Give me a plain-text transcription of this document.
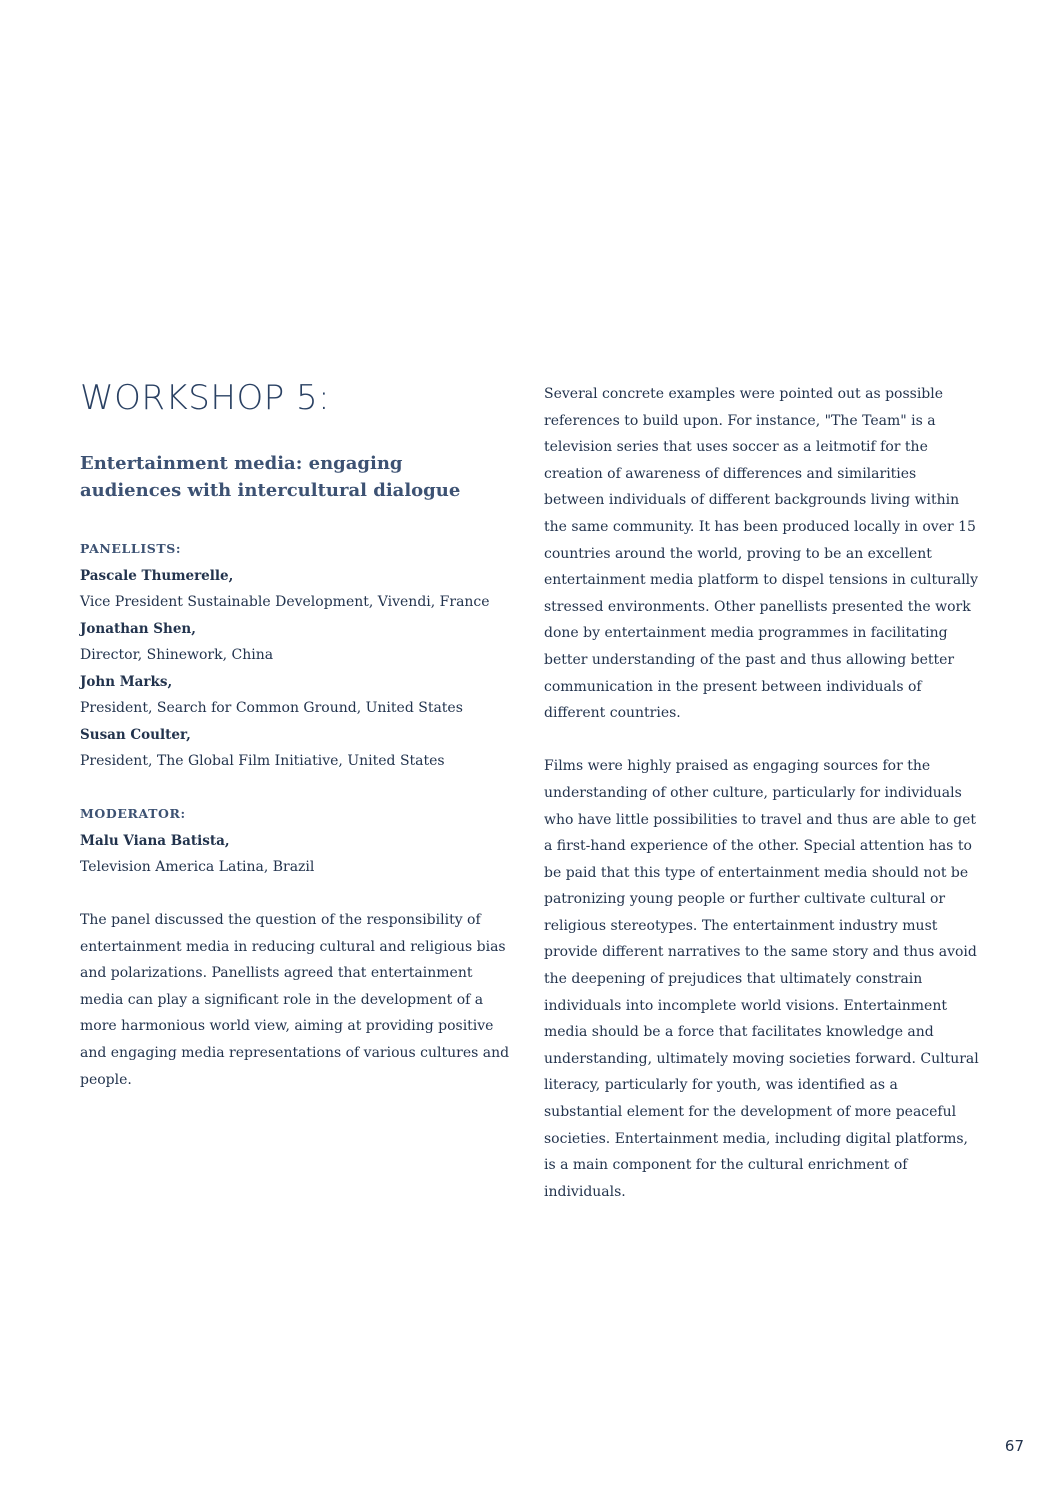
WORKSHOP 5:
Entertainment media: engaging audiences with intercultural dialogue
PANELLISTS:

Pascale Thumerelle,

Vice President Sustainable Development, Vivendi, France

Jonathan Shen,

Director, Shinework, China

John Marks,

President, Search for Common Ground, United States

Susan Coulter,

President, The Global Film Initiative, United States

MODERATOR:

Malu Viana Batista,

Television America Latina, Brazil

The panel discussed the question of the responsibility of entertainment media in reducing cultural and religious bias and polarizations. Panellists agreed that entertainment media can play a significant role in the development of a more harmonious world view, aiming at providing positive and engaging media representations of various cultures and people.

Several concrete examples were pointed out as possible references to build upon. For instance, "The Team" is a television series that uses soccer as a leitmotif for the creation of awareness of differences and similarities between individuals of different backgrounds living within the same community. It has been produced locally in over 15 countries around the world, proving to be an excellent entertainment media platform to dispel tensions in culturally stressed environments. Other panellists presented the work done by entertainment media programmes in facilitating better understanding of the past and thus allowing better communication in the present between individuals of different countries.

Films were highly praised as engaging sources for the understanding of other culture, particularly for individuals who have little possibilities to travel and thus are able to get a first-hand experience of the other. Special attention has to be paid that this type of entertainment media should not be patronizing young people or further cultivate cultural or religious stereotypes. The entertainment industry must provide different narratives to the same story and thus avoid the deepening of prejudices that ultimately constrain individuals into incomplete world visions. Entertainment media should be a force that facilitates knowledge and understanding, ultimately moving societies forward. Cultural literacy, particularly for youth, was identified as a substantial element for the development of more peaceful societies. Entertainment media, including digital platforms, is a main component for the cultural enrichment of individuals.

67
